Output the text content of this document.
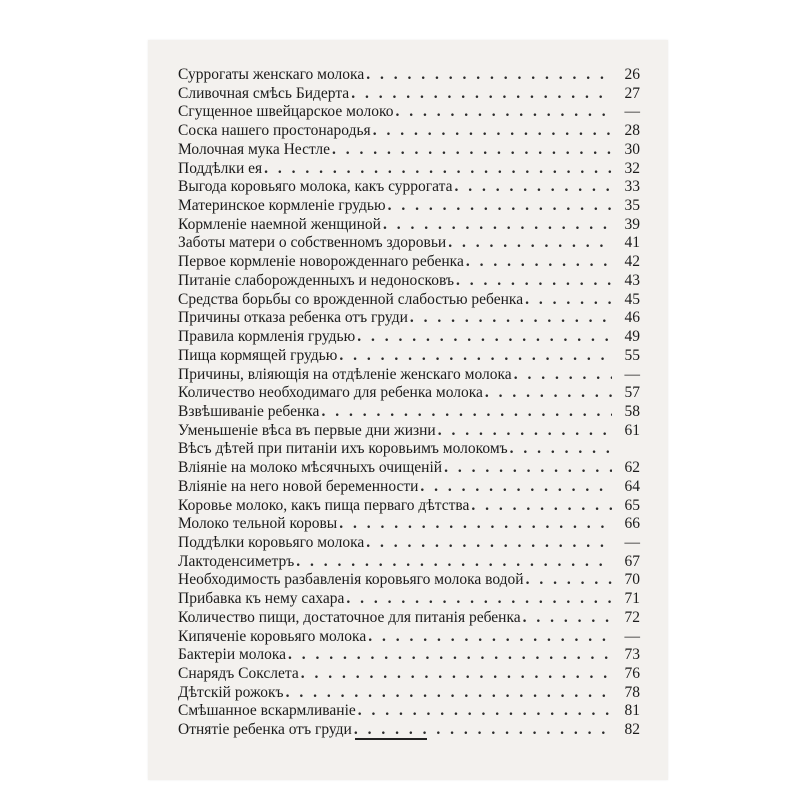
Суррогаты женскаго молока . . .	26
Сливочная смѣсь Бидерта . . .	27
Сгущенное швейцарское молоко . . .	—
Соска нашего простонародья . . .	28
Молочная мука Нестле . . .	30
Поддѣлки ея . . .	32
Выгода коровьяго молока, какъ суррогата . . .	33
Материнское кормленіе грудью . . .	35
Кормленіе наемной женщиной . . .	39
Заботы матери о собственномъ здоровьи . . .	41
Первое кормленіе новорожденнаго ребенка . . .	42
Питаніе слаборожденныхъ и недоносковъ . . .	43
Средства борьбы со врожденной слабостью ребенка . . .	45
Причины отказа ребенка отъ груди . . .	46
Правила кормленія грудью . . .	49
Пища кормящей грудью . . .	55
Причины, вліяющія на отдѣленіе женскаго молока . . .	—
Количество необходимаго для ребенка молока . . .	57
Взвѣшиваніе ребенка . . .	58
Уменьшеніе вѣса въ первые дни жизни . . .	61
Вѣсъ дѣтей при питаніи ихъ коровьимъ молокомъ
. . .
Вліяніе на молоко мѣсячныхъ очищеній . . .	62
Вліяніе на него новой беременности . . .	64
Коровье молоко, какъ пища перваго дѣтства . . .	65
Молоко тельной коровы . . .	66
Поддѣлки коровьяго молока . . .	—
Лактоденсиметръ . . .	67
Необходимость разбавленія коровьяго молока водой . . .	70
Прибавка къ нему сахара . . .	71
Количество пищи, достаточное для питанія ребенка . . .	72
Кипяченіе коровьяго молока . . .	—
Бактеріи молока . . .	73
Снарядъ Сокслета . . .	76
Дѣтскій рожокъ . . .	78
Смѣшанное вскармливаніе . . .	81
Отнятіе ребенка отъ груди . . .	82
